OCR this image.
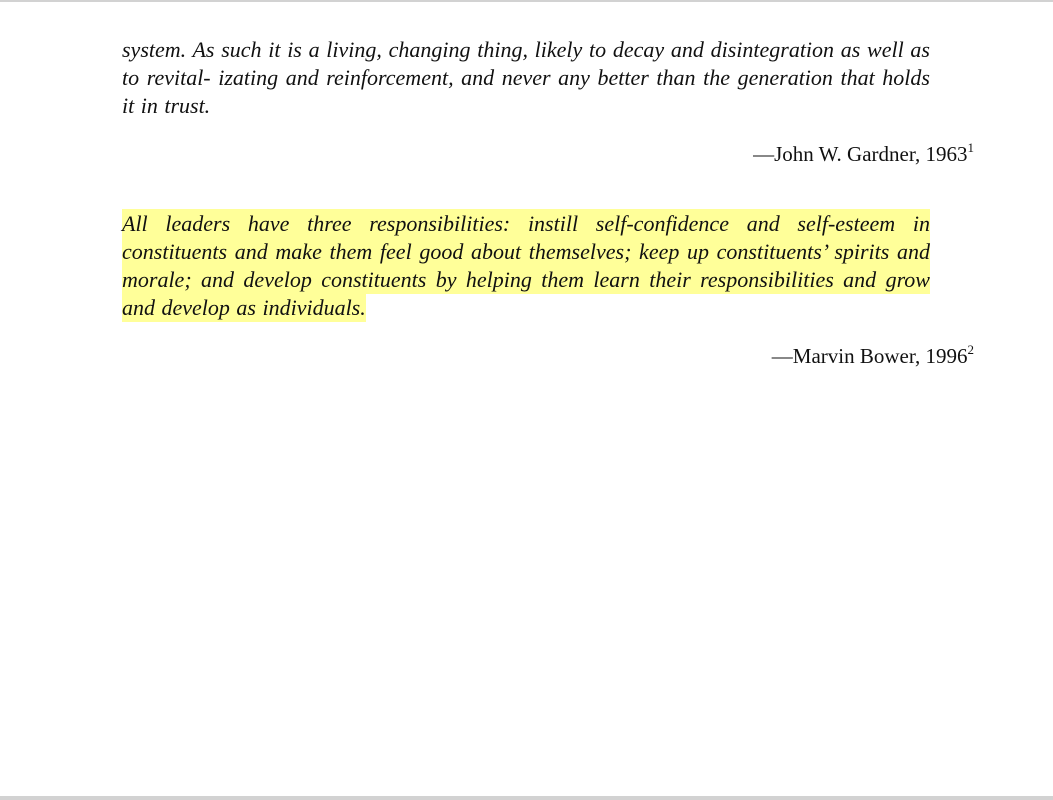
system. As such it is a living, changing thing, likely to decay and disintegration as well as to revital- izating and reinforcement, and never any better than the generation that holds it in trust.

—John W. Gardner, 1963$^1$

All leaders have three responsibilities: instill self-confidence and self-esteem in constituents and make them feel good about themselves; keep up constituents’ spirits and morale; and develop constituents by helping them learn their responsibilities and grow and develop as individuals.

—Marvin Bower, 1996$^2$
